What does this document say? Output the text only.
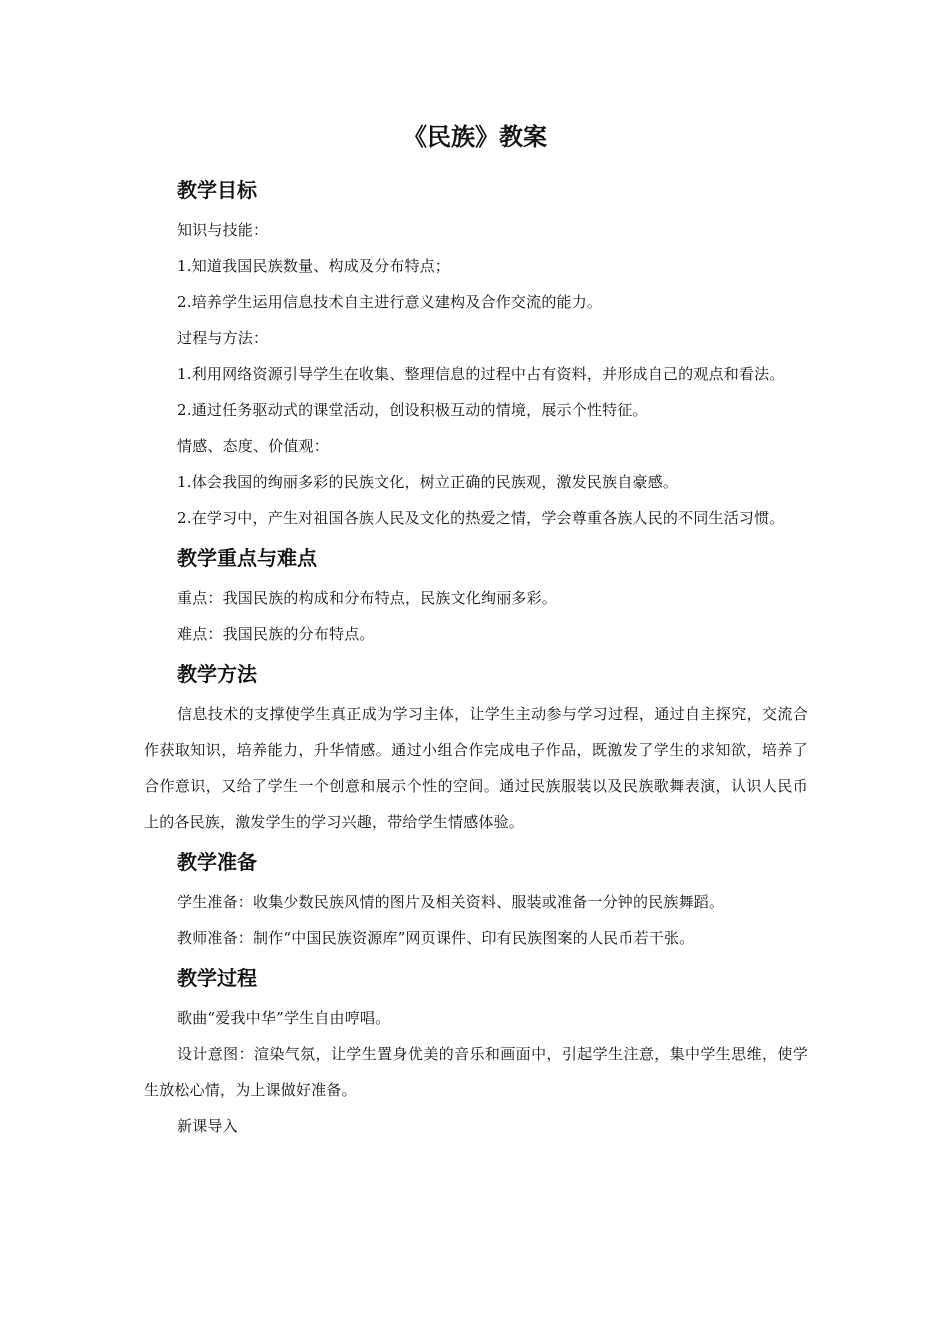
《民族》教案
教学目标

知识与技能：

1.知道我国民族数量、构成及分布特点；

2.培养学生运用信息技术自主进行意义建构及合作交流的能力。

过程与方法：

1.利用网络资源引导学生在收集、整理信息的过程中占有资料，并形成自己的观点和看法。

2.通过任务驱动式的课堂活动，创设积极互动的情境，展示个性特征。

情感、态度、价值观：

1.体会我国的绚丽多彩的民族文化，树立正确的民族观，激发民族自豪感。

2.在学习中，产生对祖国各族人民及文化的热爱之情，学会尊重各族人民的不同生活习惯。

教学重点与难点

重点：我国民族的构成和分布特点，民族文化绚丽多彩。

难点：我国民族的分布特点。

教学方法

信息技术的支撑使学生真正成为学习主体，让学生主动参与学习过程，通过自主探究，交流合作获取知识，培养能力，升华情感。通过小组合作完成电子作品，既激发了学生的求知欲，培养了合作意识，又给了学生一个创意和展示个性的空间。通过民族服装以及民族歌舞表演，认识人民币上的各民族，激发学生的学习兴趣，带给学生情感体验。

教学准备

学生准备：收集少数民族风情的图片及相关资料、服装或准备一分钟的民族舞蹈。

教师准备：制作“中国民族资源库”网页课件、印有民族图案的人民币若干张。

教学过程

歌曲“爱我中华”学生自由哼唱。

设计意图：渲染气氛，让学生置身优美的音乐和画面中，引起学生注意，集中学生思维，使学生放松心情，为上课做好准备。

新课导入
